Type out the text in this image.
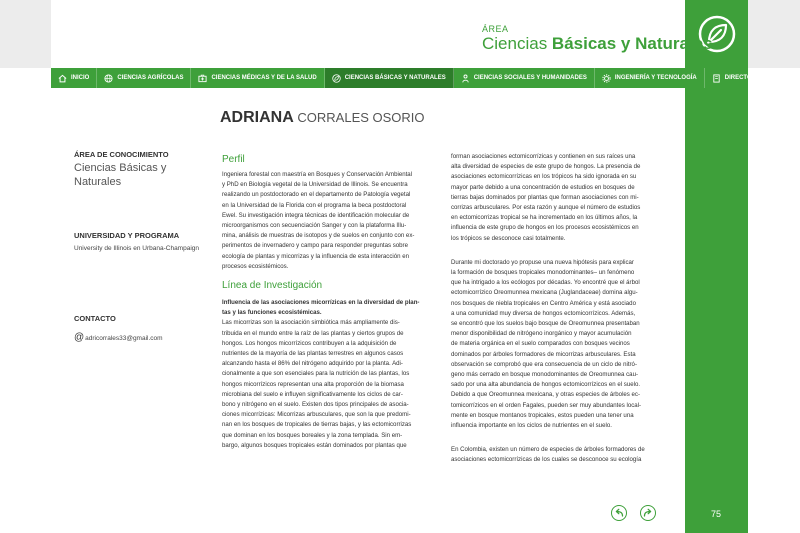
ÁREA
Ciencias Básicas y Naturales
INICIO	CIENCIAS AGRÍCOLAS	CIENCIAS MÉDICAS Y DE LA SALUD	CIENCIAS BÁSICAS Y NATURALES	CIENCIAS SOCIALES Y HUMANIDADES	INGENIERÍA Y TECNOLOGÍA	DIRECTORIO
ADRIANA CORRALES OSORIO
ÁREA DE CONOCIMIENTO
Ciencias Básicas y Naturales
UNIVERSIDAD Y PROGRAMA
University de Illinois en Urbana-Champaign
CONTACTO
@ adricorrales33@gmail.com
Perfil
Ingeniera forestal con maestría en Bosques y Conservación Ambiental
y PhD en Biología vegetal de la Universidad de Illinois. Se encuentra
realizando un postdoctorado en el departamento de Patología vegetal
en la Universidad de la Florida con el programa la beca postdoctoral
Ewel. Su investigación integra técnicas de identificación molecular de
microorganismos con secuenciación Sanger y con la plataforma Illu-
mina, análisis de muestras de isotopos y de suelos en conjunto con ex-
perimentos de invernadero y campo para responder preguntas sobre
ecología de plantas y micorrizas y la influencia de esta interacción en
procesos ecosistémicos.
Línea de Investigación
Influencia de las asociaciones micorrízicas en la diversidad de plan-
tas y las funciones ecosistémicas.
Las micorrizas son la asociación simbiótica más ampliamente dis-
tribuida en el mundo entre la raíz de las plantas y ciertos grupos de
hongos. Los hongos micorrízicos contribuyen a la adquisición de
nutrientes de la mayoría de las plantas terrestres en algunos casos
alcanzando hasta el 86% del nitrógeno adquirido por la planta. Adi-
cionalmente a que son esenciales para la nutrición de las plantas, los
hongos micorrízicos representan una alta proporción de la biomasa
microbiana del suelo e influyen significativamente los ciclos de car-
bono y nitrógeno en el suelo. Existen dos tipos principales de asocia-
ciones micorrízicas: Micorrizas arbusculares, que son la que predomi-
nan en los bosques de tropicales de tierras bajas, y las ectomicorrizas
que dominan en los bosques boreales y la zona templada. Sin em-
bargo, algunos bosques tropicales están dominados por plantas que
forman asociaciones ectomicorrízicas y contienen en sus raíces una
alta diversidad de especies de este grupo de hongos. La presencia de
asociaciones ectomicorrízicas en los trópicos ha sido ignorada en su
mayor parte debido a una concentración de estudios en bosques de
tierras bajas dominados por plantas que forman asociaciones con mi-
corrizas arbusculares. Por esta razón y aunque el número de estudios
en ectomicorrizas tropical se ha incrementado en los últimos años, la
influencia de este grupo de hongos en los procesos ecosistémicos en
los trópicos se desconoce casi totalmente.
Durante mi doctorado yo propuse una nueva hipótesis para explicar
la formación de bosques tropicales monodominantes– un fenómeno
que ha intrigado a los ecólogos por décadas. Yo encontré que el árbol
ectomicorrízico Oreomunnea mexicana (Juglandaceae) domina algu-
nos bosques de niebla tropicales en Centro América y está asociado
a una comunidad muy diversa de hongos ectomicorrízicos. Además,
se encontró que los suelos bajo bosque de Oreomunnea presentaban
menor disponibilidad de nitrógeno inorgánico y mayor acumulación
de materia orgánica en el suelo comparados con bosques vecinos
dominados por árboles formadores de micorrizas arbusculares. Esta
observación se comprobó que era consecuencia de un ciclo de nitró-
geno más cerrado en bosque monodominantes de Oreomunnea cau-
sado por una alta abundancia de hongos ectomicorrízicos en el suelo.
Debido a que Oreomunnea mexicana, y otras especies de árboles ec-
tomicorrízicos en el orden Fagales, pueden ser muy abundantes local-
mente en bosque montanos tropicales, estos pueden una tener una
influencia importante en los ciclos de nutrientes en el suelo.
En Colombia, existen un número de especies de árboles formadores de
asociaciones ectomicorrízicas de los cuales se desconoce su ecología
75
